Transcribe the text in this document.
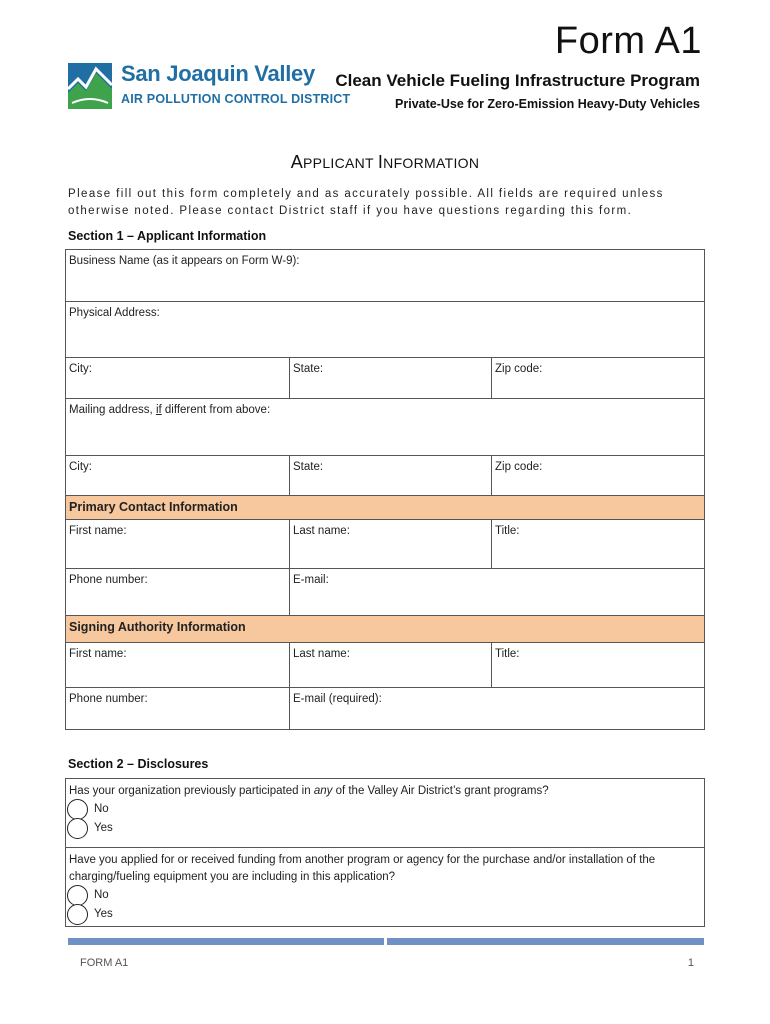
Form A1
San Joaquin Valley
AIR POLLUTION CONTROL DISTRICT
Clean Vehicle Fueling Infrastructure Program
Private-Use for Zero-Emission Heavy-Duty Vehicles
APPLICANT INFORMATION
Please fill out this form completely and as accurately possible. All fields are required unless otherwise noted. Please contact District staff if you have questions regarding this form.
Section 1 – Applicant Information
Business Name (as it appears on Form W-9):
Physical Address:
City:	State:	Zip code:
Mailing address, if different from above:
City:	State:	Zip code:
Primary Contact Information
First name:	Last name:	Title:
Phone number:	E-mail:
Signing Authority Information
First name:	Last name:	Title:
Phone number:	E-mail (required):
Section 2 – Disclosures
Has your organization previously participated in any of the Valley Air District’s grant programs?
No
Yes
Have you applied for or received funding from another program or agency for the purchase and/or installation of the charging/fueling equipment you are including in this application?
No
Yes
FORM A1	1
